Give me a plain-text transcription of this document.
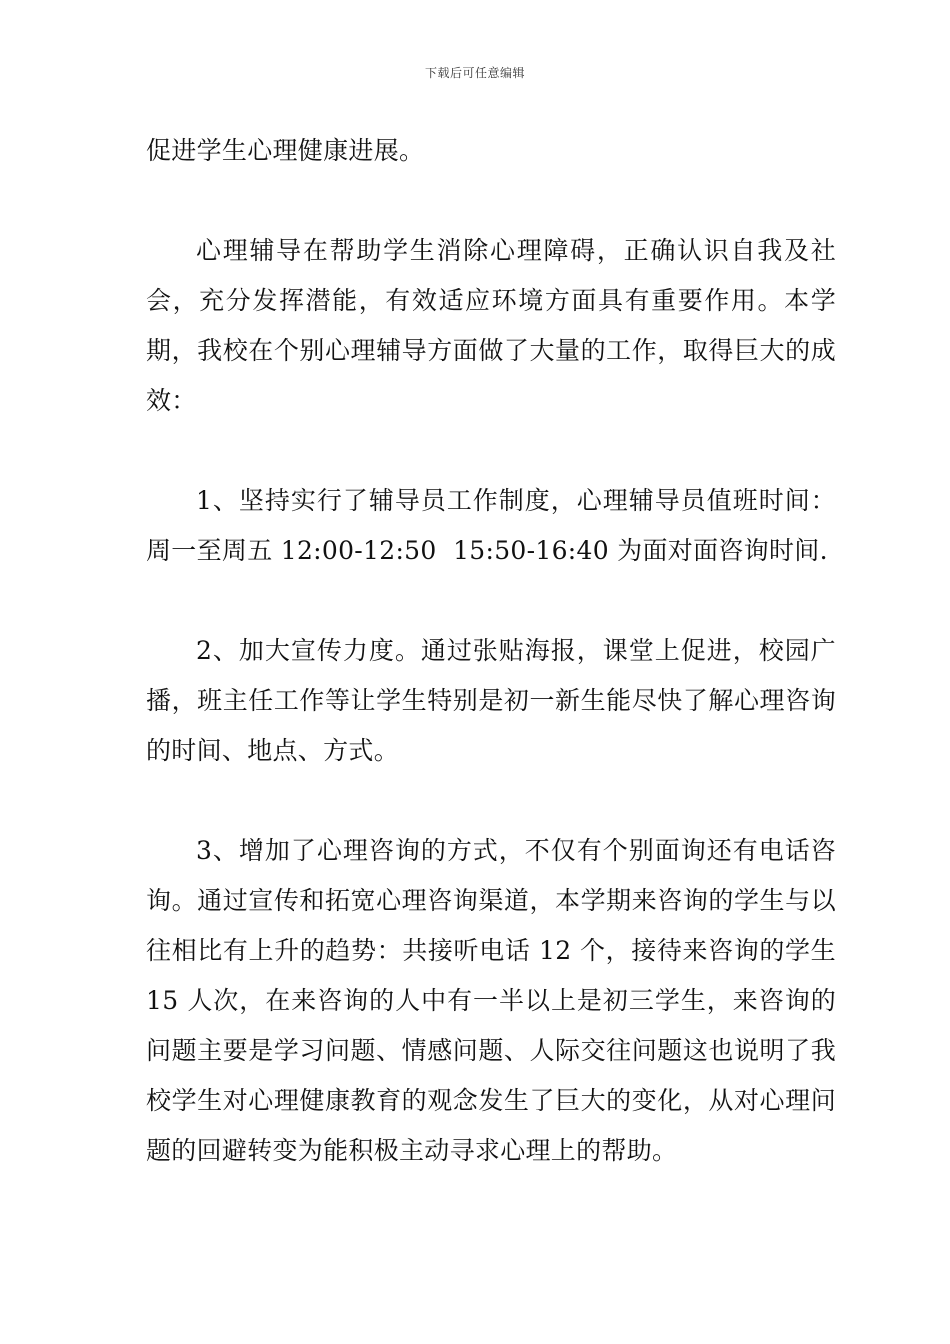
下载后可任意编辑

促进学生心理健康进展。

心理辅导在帮助学生消除心理障碍，正确认识自我及社会，充分发挥潜能，有效适应环境方面具有重要作用。本学期，我校在个别心理辅导方面做了大量的工作，取得巨大的成效：

1、坚持实行了辅导员工作制度，心理辅导员值班时间：周一至周五 12:00-12:50  15:50-16:40 为面对面咨询时间.

2、加大宣传力度。通过张贴海报，课堂上促进，校园广播，班主任工作等让学生特别是初一新生能尽快了解心理咨询的时间、地点、方式。

3、增加了心理咨询的方式，不仅有个别面询还有电话咨询。通过宣传和拓宽心理咨询渠道，本学期来咨询的学生与以往相比有上升的趋势：共接听电话 12 个，接待来咨询的学生 15 人次，在来咨询的人中有一半以上是初三学生，来咨询的问题主要是学习问题、情感问题、人际交往问题这也说明了我校学生对心理健康教育的观念发生了巨大的变化，从对心理问题的回避转变为能积极主动寻求心理上的帮助。
